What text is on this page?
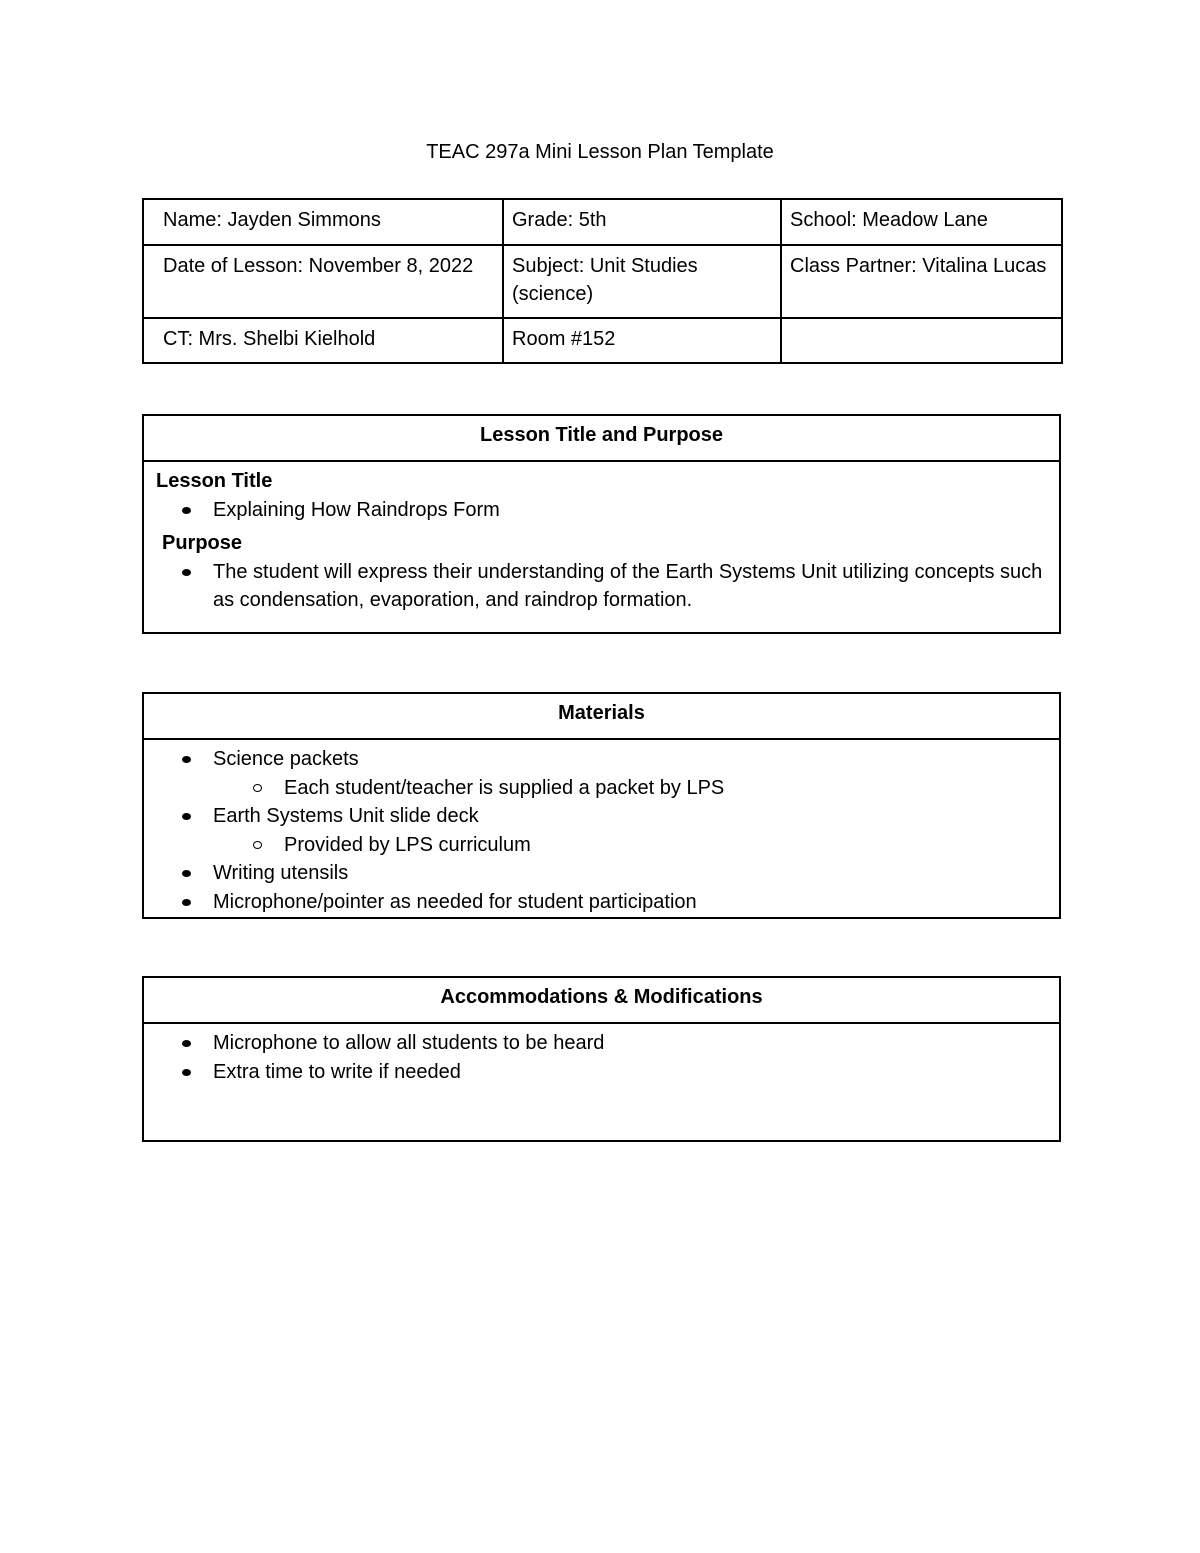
TEAC 297a Mini Lesson Plan Template
Name: Jayden Simmons	Grade: 5th	School: Meadow Lane
Date of Lesson: November 8, 2022	Subject: Unit Studies (science)	Class Partner: Vitalina Lucas
CT: Mrs. Shelbi Kielhold	Room #152	
Lesson Title and Purpose
Lesson Title
Explaining How Raindrops Form
Purpose
The student will express their understanding of the Earth Systems Unit utilizing concepts such as condensation, evaporation, and raindrop formation.
Materials
Science packets
Each student/teacher is supplied a packet by LPS
Earth Systems Unit slide deck
Provided by LPS curriculum
Writing utensils
Microphone/pointer as needed for student participation
Accommodations & Modifications
Microphone to allow all students to be heard
Extra time to write if needed
